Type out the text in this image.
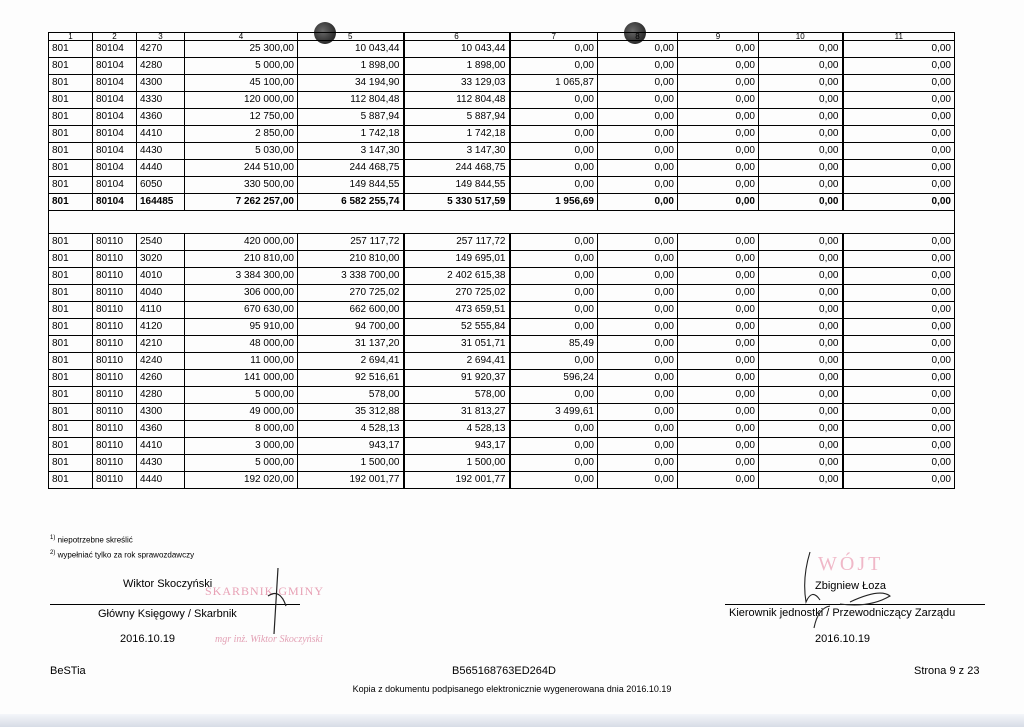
1	2	3	4	5	6	7	8	9	10	11
801	80104	4270	25 300,00	10 043,44	10 043,44	0,00	0,00	0,00	0,00	0,00
801	80104	4280	5 000,00	1 898,00	1 898,00	0,00	0,00	0,00	0,00	0,00
801	80104	4300	45 100,00	34 194,90	33 129,03	1 065,87	0,00	0,00	0,00	0,00
801	80104	4330	120 000,00	112 804,48	112 804,48	0,00	0,00	0,00	0,00	0,00
801	80104	4360	12 750,00	5 887,94	5 887,94	0,00	0,00	0,00	0,00	0,00
801	80104	4410	2 850,00	1 742,18	1 742,18	0,00	0,00	0,00	0,00	0,00
801	80104	4430	5 030,00	3 147,30	3 147,30	0,00	0,00	0,00	0,00	0,00
801	80104	4440	244 510,00	244 468,75	244 468,75	0,00	0,00	0,00	0,00	0,00
801	80104	6050	330 500,00	149 844,55	149 844,55	0,00	0,00	0,00	0,00	0,00
801	80104	164485	7 262 257,00	6 582 255,74	5 330 517,59	1 956,69	0,00	0,00	0,00	0,00

801	80110	2540	420 000,00	257 117,72	257 117,72	0,00	0,00	0,00	0,00	0,00
801	80110	3020	210 810,00	210 810,00	149 695,01	0,00	0,00	0,00	0,00	0,00
801	80110	4010	3 384 300,00	3 338 700,00	2 402 615,38	0,00	0,00	0,00	0,00	0,00
801	80110	4040	306 000,00	270 725,02	270 725,02	0,00	0,00	0,00	0,00	0,00
801	80110	4110	670 630,00	662 600,00	473 659,51	0,00	0,00	0,00	0,00	0,00
801	80110	4120	95 910,00	94 700,00	52 555,84	0,00	0,00	0,00	0,00	0,00
801	80110	4210	48 000,00	31 137,20	31 051,71	85,49	0,00	0,00	0,00	0,00
801	80110	4240	11 000,00	2 694,41	2 694,41	0,00	0,00	0,00	0,00	0,00
801	80110	4260	141 000,00	92 516,61	91 920,37	596,24	0,00	0,00	0,00	0,00
801	80110	4280	5 000,00	578,00	578,00	0,00	0,00	0,00	0,00	0,00
801	80110	4300	49 000,00	35 312,88	31 813,27	3 499,61	0,00	0,00	0,00	0,00
801	80110	4360	8 000,00	4 528,13	4 528,13	0,00	0,00	0,00	0,00	0,00
801	80110	4410	3 000,00	943,17	943,17	0,00	0,00	0,00	0,00	0,00
801	80110	4430	5 000,00	1 500,00	1 500,00	0,00	0,00	0,00	0,00	0,00
801	80110	4440	192 020,00	192 001,77	192 001,77	0,00	0,00	0,00	0,00	0,00
$^{1)}$ niepotrzebne skreślić
$^{2)}$ wypełniać tylko za rok sprawozdawczy
SKARBNIK GMINY
mgr inż. Wiktor Skoczyński
Wiktor Skoczyński
Główny Księgowy / Skarbnik
2016.10.19
WÓJT
Zbigniew Łoza
Kierownik jednostki / Przewodniczący Zarządu
2016.10.19
BeSTia	B565168763ED264D	Strona 9 z 23
Kopia z dokumentu podpisanego elektronicznie wygenerowana dnia 2016.10.19
